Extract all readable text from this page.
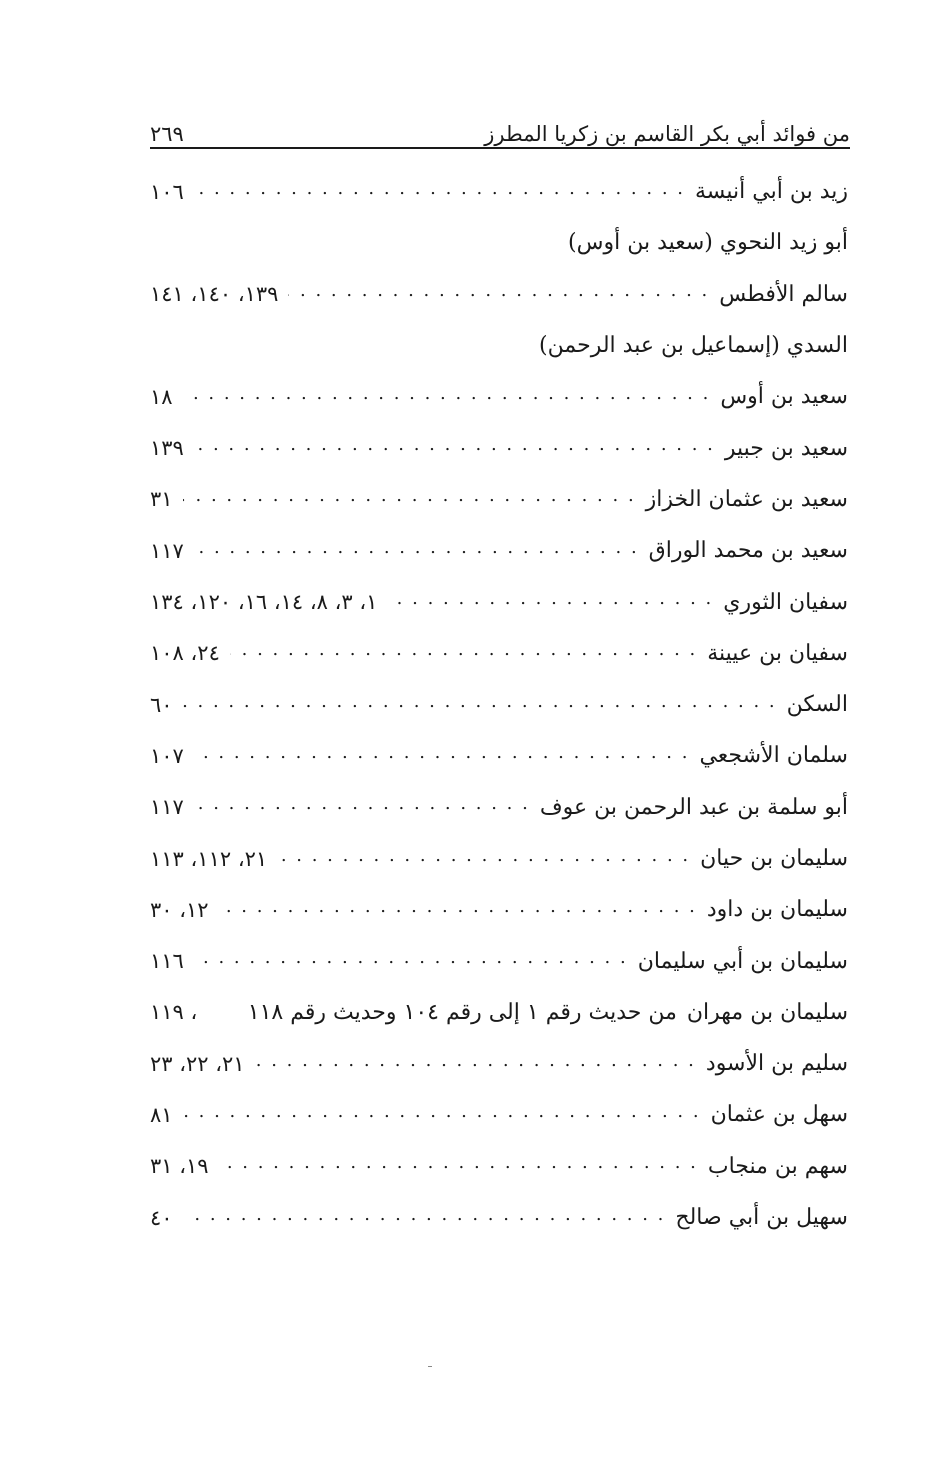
من فوائد أبي بكر القاسم بن زكريا المطرز
٢٦٩
زيد بن أبي أنيسة
. . .
١٠٦
أبو زيد النحوي (سعيد بن أوس)
سالم الأفطس
. . .
١٣٩، ١٤٠، ١٤١
السدي (إسماعيل بن عبد الرحمن)
سعيد بن أوس
. . .
١٨
سعيد بن جبير
. . .
١٣٩
سعيد بن عثمان الخزاز
. . .
٣١
سعيد بن محمد الوراق
. . .
١١٧
سفيان الثوري
. . .
١، ٣، ٨، ١٤، ١٦، ١٢٠، ١٣٤
سفيان بن عيينة
. . .
٢٤، ١٠٨
السكن
. . .
٦٠
سلمان الأشجعي
. . .
١٠٧
أبو سلمة بن عبد الرحمن بن عوف
. . .
١١٧
سليمان بن حيان
. . .
٢١، ١١٢، ١١٣
سليمان بن داود
. . .
١٢، ٣٠
سليمان بن أبي سليمان
. . .
١١٦
سليمان بن مهران
من حديث رقم ١ إلى رقم ١٠٤ وحديث رقم ١١٨
، ١١٩
سليم بن الأسود
. . .
٢١، ٢٢، ٢٣
سهل بن عثمان
. . .
٨١
سهم بن منجاب
. . .
١٩، ٣١
سهيل بن أبي صالح
. . .
٤٠
